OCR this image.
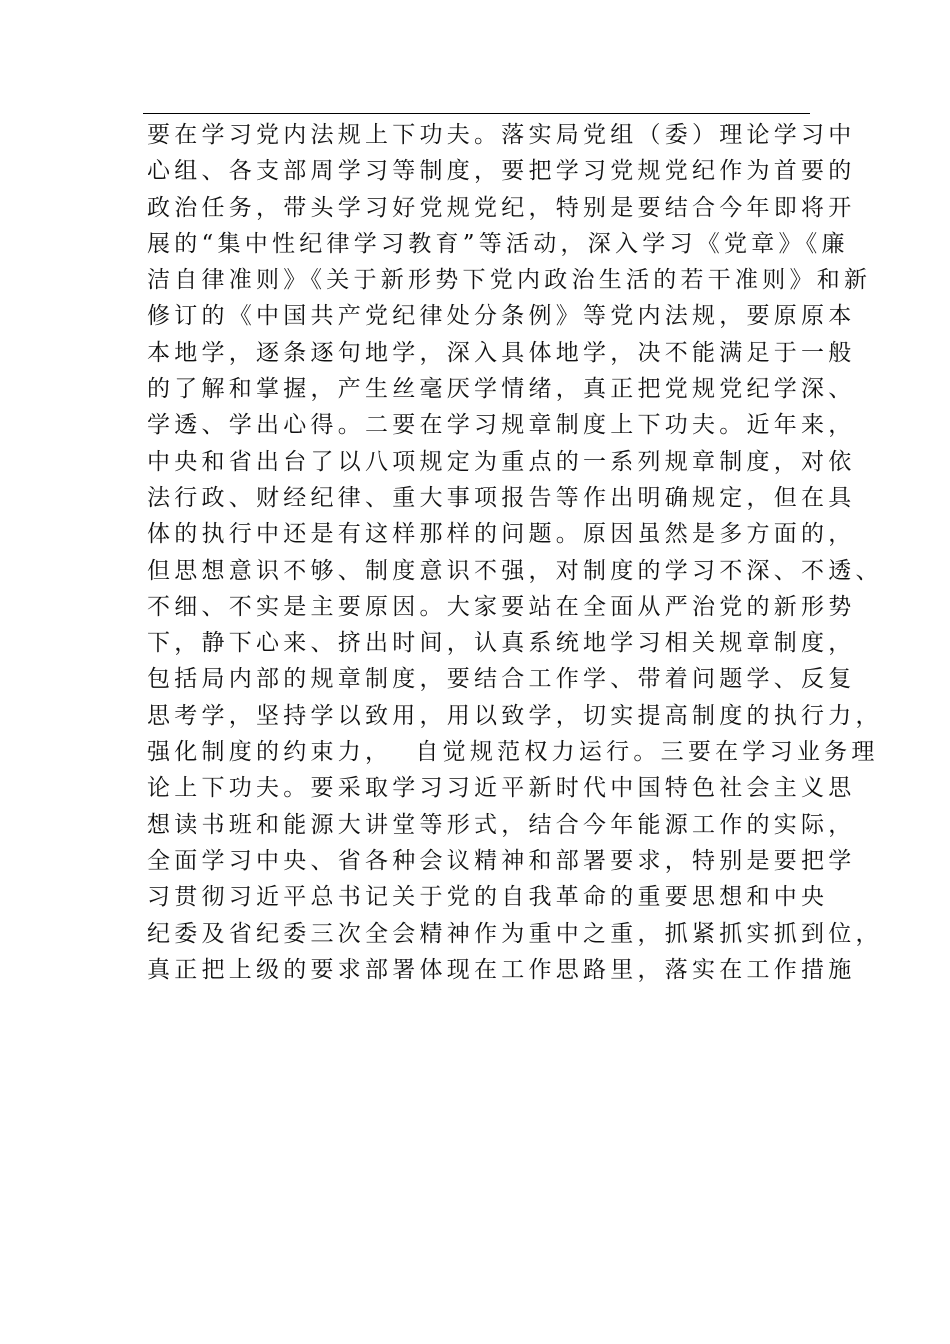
要在学习党内法规上下功夫。落实局党组（委）理论学习中
心组、各支部周学习等制度，要把学习党规党纪作为首要的
政治任务，带头学习好党规党纪，特别是要结合今年即将开
展的“集中性纪律学习教育”等活动，深入学习《党章》《廉
洁自律准则》《关于新形势下党内政治生活的若干准则》和新
修订的《中国共产党纪律处分条例》等党内法规，要原原本
本地学，逐条逐句地学，深入具体地学，决不能满足于一般
的了解和掌握，产生丝毫厌学情绪，真正把党规党纪学深、
学透、学出心得。二要在学习规章制度上下功夫。近年来，
中央和省出台了以八项规定为重点的一系列规章制度，对依
法行政、财经纪律、重大事项报告等作出明确规定，但在具
体的执行中还是有这样那样的问题。原因虽然是多方面的，
但思想意识不够、制度意识不强，对制度的学习不深、不透、
不细、不实是主要原因。大家要站在全面从严治党的新形势
下，静下心来、挤出时间，认真系统地学习相关规章制度，
包括局内部的规章制度，要结合工作学、带着问题学、反复
思考学，坚持学以致用，用以致学，切实提高制度的执行力，
强化制度的约束力，  自觉规范权力运行。三要在学习业务理
论上下功夫。要采取学习习近平新时代中国特色社会主义思
想读书班和能源大讲堂等形式，结合今年能源工作的实际，
全面学习中央、省各种会议精神和部署要求，特别是要把学
习贯彻习近平总书记关于党的自我革命的重要思想和中央
纪委及省纪委三次全会精神作为重中之重，抓紧抓实抓到位，
真正把上级的要求部署体现在工作思路里，落实在工作措施
